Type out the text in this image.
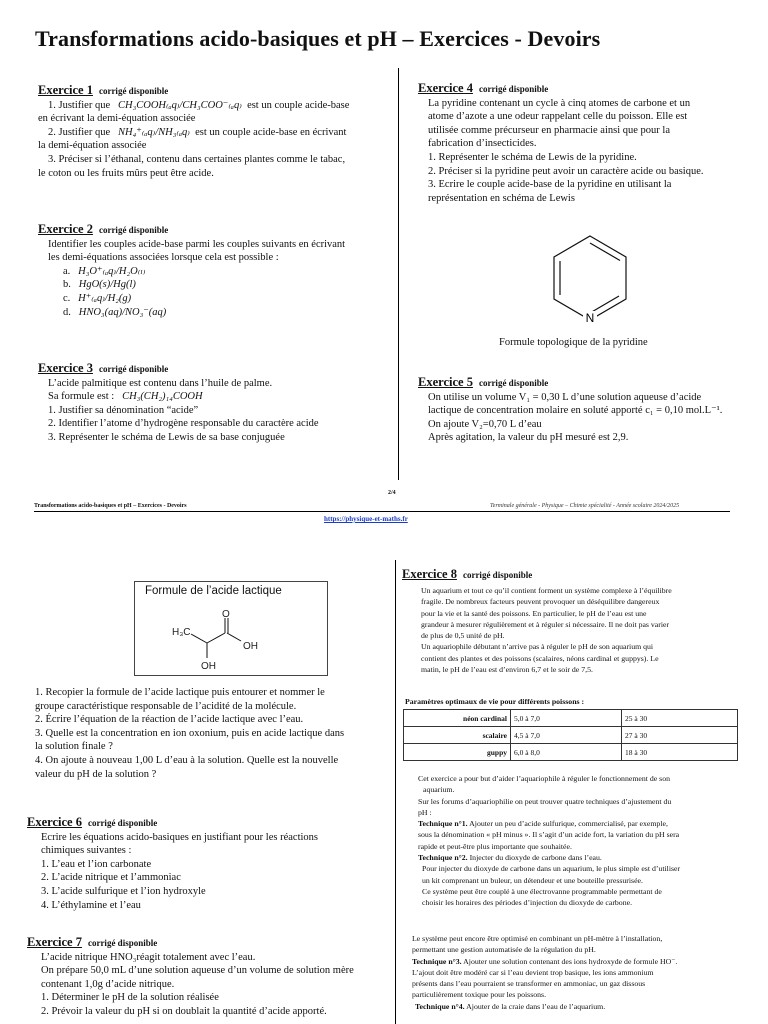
Transformations acido-basiques et pH – Exercices - Devoirs
Exercice 1 corrigé disponible

1. Justifier que CH₃COOH₍ₐq₎/CH₃COO⁻₍ₐq₎ est un couple acide-base

en écrivant la demi-équation associée

2. Justifier que NH₄⁺₍ₐq₎/NH₃₍ₐq₎ est un couple acide-base en écrivant

la demi-équation associée

3. Préciser si l’éthanal, contenu dans certaines plantes comme le tabac,

le coton ou les fruits mûrs peut être acide.

Exercice 2 corrigé disponible

Identifier les couples acide-base parmi les couples suivants en écrivant

les demi-équations associées lorsque cela est possible :

a. H₃O⁺₍ₐq₎/H₂O₍ₗ₎

b. HgO(s)/Hg(l)

c. H⁺₍ₐq₎/H₂(g)

d. HNO₃(aq)/NO₃⁻(aq)

Exercice 3 corrigé disponible

L’acide palmitique est contenu dans l’huile de palme.

Sa formule est : CH₃(CH₂)₁₄COOH

1. Justifier sa dénomination “acide”

2. Identifier l’atome d’hydrogène responsable du caractère acide

3. Représenter le schéma de Lewis de sa base conjuguée

Exercice 4 corrigé disponible

La pyridine contenant un cycle à cinq atomes de carbone et un

atome d’azote a une odeur rappelant celle du poisson. Elle est

utilisée comme précurseur en pharmacie ainsi que pour la

fabrication d’insecticides.

1. Représenter le schéma de Lewis de la pyridine.

2. Préciser si la pyridine peut avoir un caractère acide ou basique.

3. Ecrire le couple acide-base de la pyridine en utilisant la

représentation en schéma de Lewis

N
Formule topologique de la pyridine
Exercice 5 corrigé disponible

On utilise un volume V₁ = 0,30 L d’une solution aqueuse d’acide

lactique de concentration molaire en soluté apporté c₁ = 0,10 mol.L⁻¹.

On ajoute V₂=0,70 L d’eau

Après agitation, la valeur du pH mesuré est 2,9.

2/4
Transformations acido-basiques et pH – Exercices - Devoirs	Terminale générale - Physique – Chimie spécialité - Année scolaire 2024/2025
https://physique-et-maths.fr
Formule de l’acide lactique
H₃C
O
OH
OH

1. Recopier la formule de l’acide lactique puis entourer et nommer le

groupe caractéristique responsable de l’acidité de la molécule.

2. Écrire l’équation de la réaction de l’acide lactique avec l’eau.

3. Quelle est la concentration en ion oxonium, puis en acide lactique dans

la solution finale ?

4. On ajoute à nouveau 1,00 L d’eau à la solution. Quelle est la nouvelle

valeur du pH de la solution ?

Exercice 6 corrigé disponible

Ecrire les équations acido-basiques en justifiant pour les réactions

chimiques suivantes :

1. L’eau et l’ion carbonate

2. L’acide nitrique et l’ammoniac

3. L’acide sulfurique et l’ion hydroxyle

4. L’éthylamine et l’eau

Exercice 7 corrigé disponible

L’acide nitrique HNO₃réagit totalement avec l’eau.

On prépare 50,0 mL d’une solution aqueuse d’un volume de solution mère

contenant 1,0g d’acide nitrique.

1. Déterminer le pH de la solution réalisée

2. Prévoir la valeur du pH si on doublait la quantité d’acide apporté.

Exercice 8 corrigé disponible

Un aquarium et tout ce qu’il contient forment un système complexe à l’équilibre

fragile. De nombreux facteurs peuvent provoquer un déséquilibre dangereux

pour la vie et la santé des poissons. En particulier, le pH de l’eau est une

grandeur à mesurer régulièrement et à réguler si nécessaire. Il ne doit pas varier

de plus de 0,5 unité de pH.

Un aquariophile débutant n’arrive pas à réguler le pH de son aquarium qui

contient des plantes et des poissons (scalaires, néons cardinal et guppys). Le

matin, le pH de l’eau est d’environ 6,7 et le soir de 7,5.

Paramètres optimaux de vie pour différents poissons :
néon cardinal	5,0 à 7,0	25 à 30
scalaire	4,5 à 7,0	27 à 30
guppy	6,0 à 8,0	18 à 30

Cet exercice a pour but d’aider l’aquariophile à réguler le fonctionnement de son

aquarium.

Sur les forums d’aquariophilie on peut trouver quatre techniques d’ajustement du

pH :

Technique n°1. Ajouter un peu d’acide sulfurique, commercialisé, par exemple,

sous la dénomination « pH minus ». Il s’agit d’un acide fort, la variation du pH sera

rapide et peut-être plus importante que souhaitée.

Technique n°2. Injecter du dioxyde de carbone dans l’eau.

Pour injecter du dioxyde de carbone dans un aquarium, le plus simple est d’utiliser

un kit comprenant un buleur, un détendeur et une bouteille pressurisée.

Ce système peut être couplé à une électrovanne programmable permettant de

choisir les horaires des périodes d’injection du dioxyde de carbone.

Le système peut encore être optimisé en combinant un pH-mètre à l’installation,

permettant une gestion automatisée de la régulation du pH.

Technique n°3. Ajouter une solution contenant des ions hydroxyde de formule HO⁻.

L’ajout doit être modéré car si l’eau devient trop basique, les ions ammonium

présents dans l’eau pourraient se transformer en ammoniac, un gaz dissous

particulièrement toxique pour les poissons.

Technique n°4. Ajouter de la craie dans l’eau de l’aquarium.
